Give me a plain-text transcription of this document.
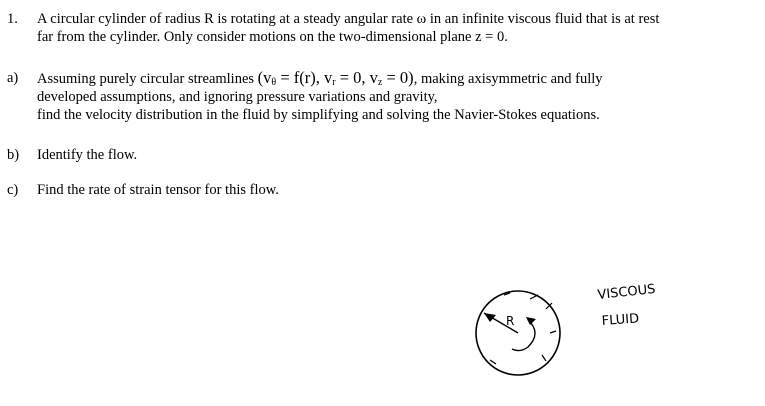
1. A circular cylinder of radius R is rotating at a steady angular rate ω in an infinite viscous fluid that is at rest
far from the cylinder. Only consider motions on the two-dimensional plane z = 0.
a) Assuming purely circular streamlines ($v_\theta = f(r)$, $v_r = 0$, $v_z = 0$), making axisymmetric and fully
developed assumptions, and ignoring pressure variations and gravity,
find the velocity distribution in the fluid by simplifying and solving the Navier-Stokes equations.
b) Identify the flow.
c) Find the rate of strain tensor for this flow.
R
VISCOUS
FLUID
